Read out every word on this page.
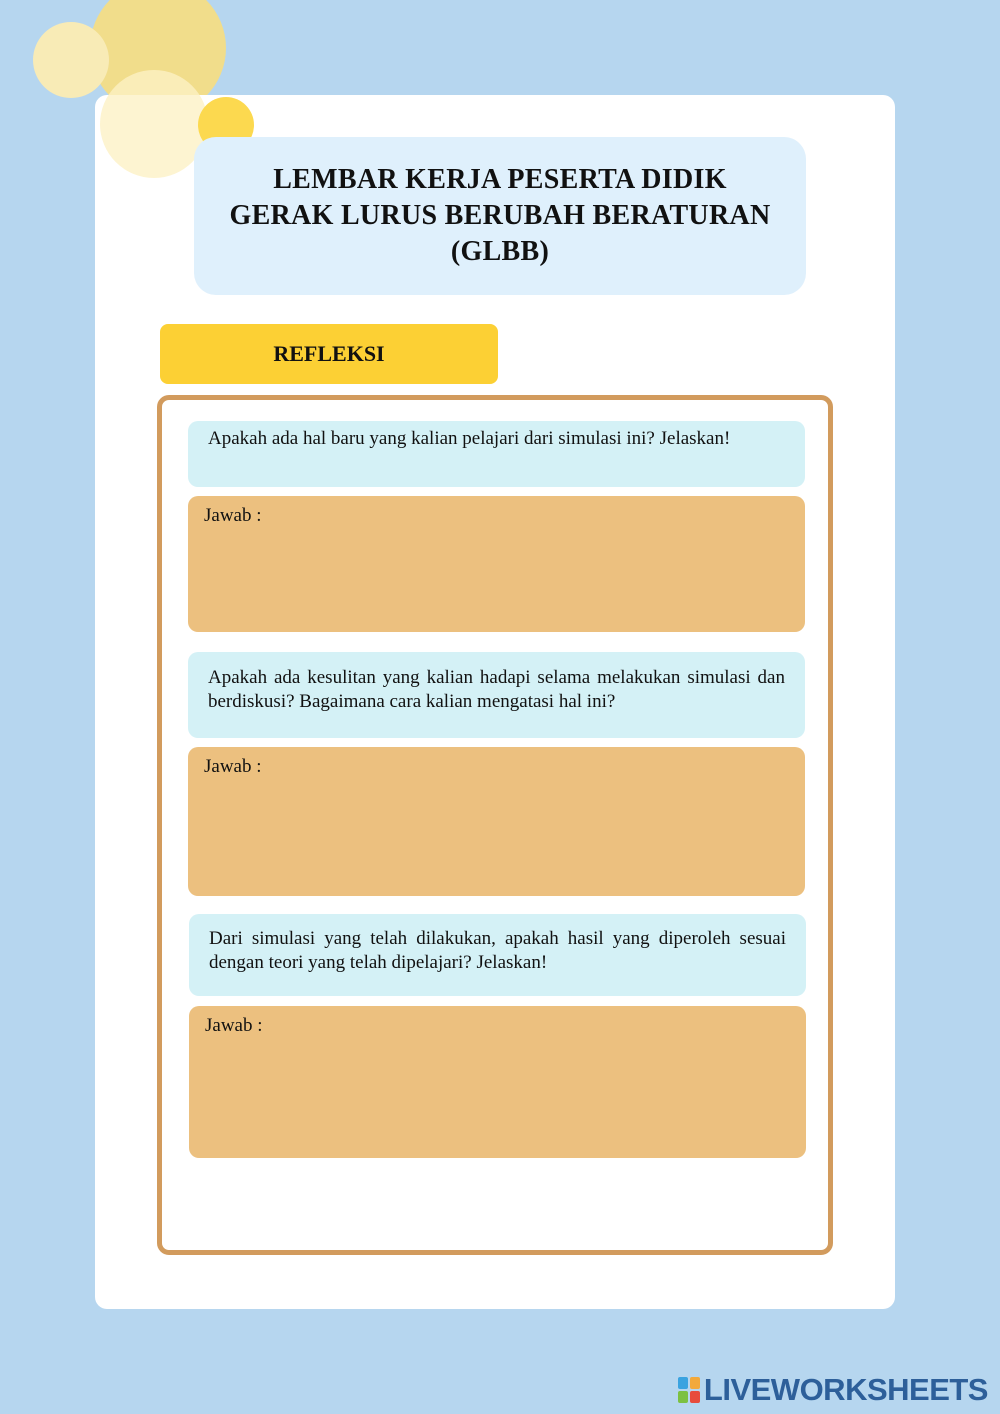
LEMBAR KERJA PESERTA DIDIK
GERAK LURUS BERUBAH BERATURAN
(GLBB)
REFLEKSI
Apakah ada hal baru yang kalian pelajari dari simulasi ini? Jelaskan!
Jawab :
Apakah ada kesulitan yang kalian hadapi selama melakukan simulasi dan berdiskusi? Bagaimana cara kalian mengatasi hal ini?
Jawab :
Dari simulasi yang telah dilakukan, apakah hasil yang diperoleh sesuai dengan teori yang telah dipelajari? Jelaskan!
Jawab :
LIVEWORKSHEETS
